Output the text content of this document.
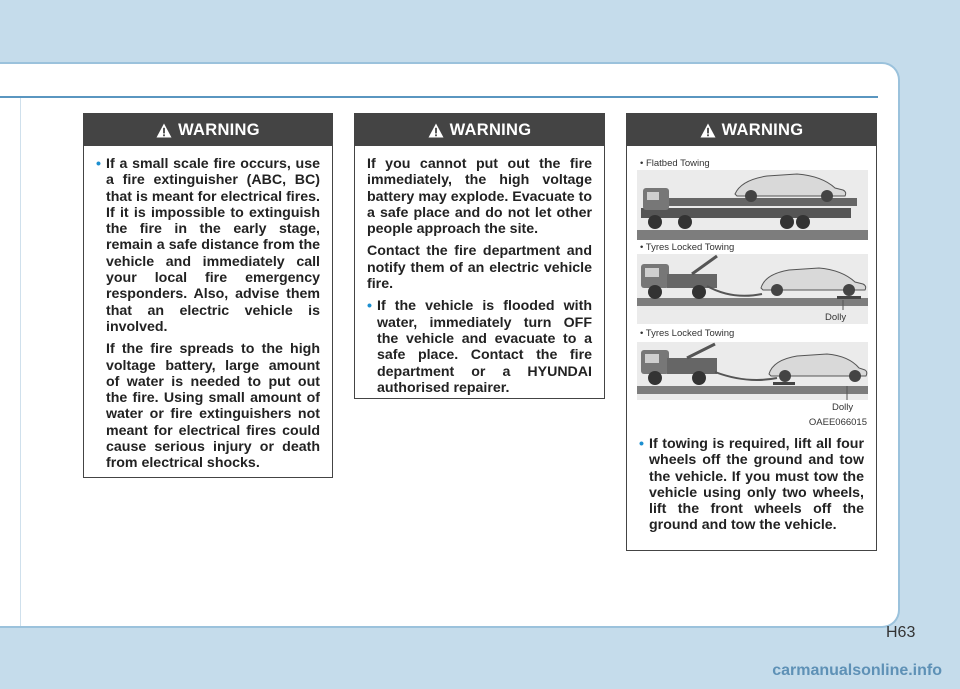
WARNING
• If a small scale fire occurs, use a fire extinguisher (ABC, BC) that is meant for electrical fires. If it is impossible to extinguish the fire in the early stage, remain a safe distance from the vehicle and immediately call your local fire emergency responders. Also, advise them that an electric vehicle is involved.

If the fire spreads to the high voltage battery, large amount of water is needed to put out the fire. Using small amount of water or fire extinguishers not meant for electrical fires could cause serious injury or death from electrical shocks.

WARNING

If you cannot put out the fire immediately, the high voltage battery may explode. Evacuate to a safe place and do not let other people approach the site.

Contact the fire department and notify them of an electric vehicle fire.

• If the vehicle is flooded with water, immediately turn OFF the vehicle and evacuate to a safe place. Contact the fire department or a HYUNDAI authorised repairer.

WARNING
• Flatbed Towing
• Tyres Locked Towing
Dolly
• Tyres Locked Towing
Dolly
OAEE066015
• If towing is required, lift all four wheels off the ground and tow the vehicle. If you must tow the vehicle using only two wheels, lift the front wheels off the ground and tow the vehicle.

H63
carmanualsonline.info
